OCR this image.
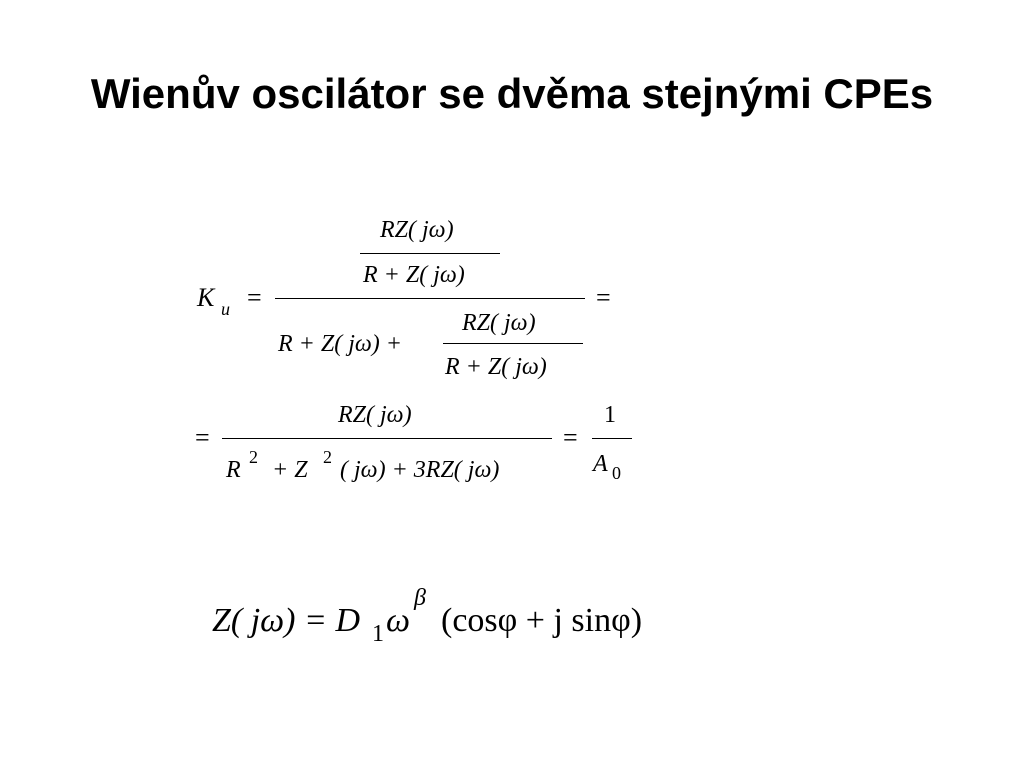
Wienův oscilátor se dvěma stejnými CPEs
K u =
RZ( jω)
R + Z( jω)
R + Z( jω) +
RZ( jω)
R + Z( jω)
=
=
RZ( jω)
R 2 + Z 2 ( jω) + 3RZ( jω)
=
1
A 0
Z( jω) = D 1 ω
β
(cosφ + j sinφ)
